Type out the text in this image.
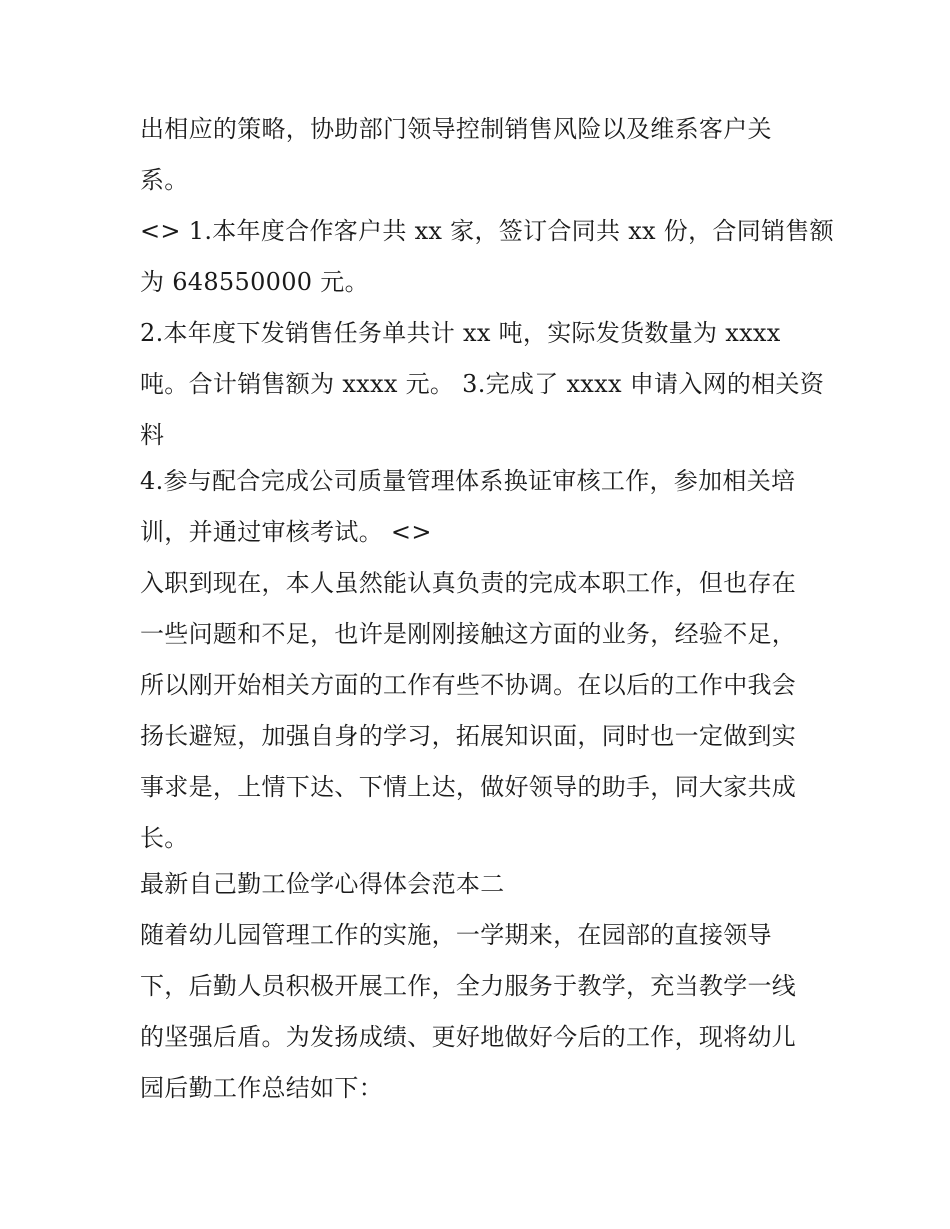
出相应的策略，协助部门领导控制销售风险以及维系客户关
系。
<> 1.本年度合作客户共 xx 家，签订合同共 xx 份，合同销售额
为 648550000 元。
2.本年度下发销售任务单共计 xx 吨，实际发货数量为 xxxx
吨。合计销售额为 xxxx 元。 3.完成了 xxxx 申请入网的相关资
料
4.参与配合完成公司质量管理体系换证审核工作，参加相关培
训，并通过审核考试。 <>
入职到现在，本人虽然能认真负责的完成本职工作，但也存在
一些问题和不足，也许是刚刚接触这方面的业务，经验不足，
所以刚开始相关方面的工作有些不协调。在以后的工作中我会
扬长避短，加强自身的学习，拓展知识面，同时也一定做到实
事求是，上情下达、下情上达，做好领导的助手，同大家共成
长。
最新自己勤工俭学心得体会范本二
随着幼儿园管理工作的实施，一学期来，在园部的直接领导
下，后勤人员积极开展工作，全力服务于教学，充当教学一线
的坚强后盾。为发扬成绩、更好地做好今后的工作，现将幼儿
园后勤工作总结如下：
